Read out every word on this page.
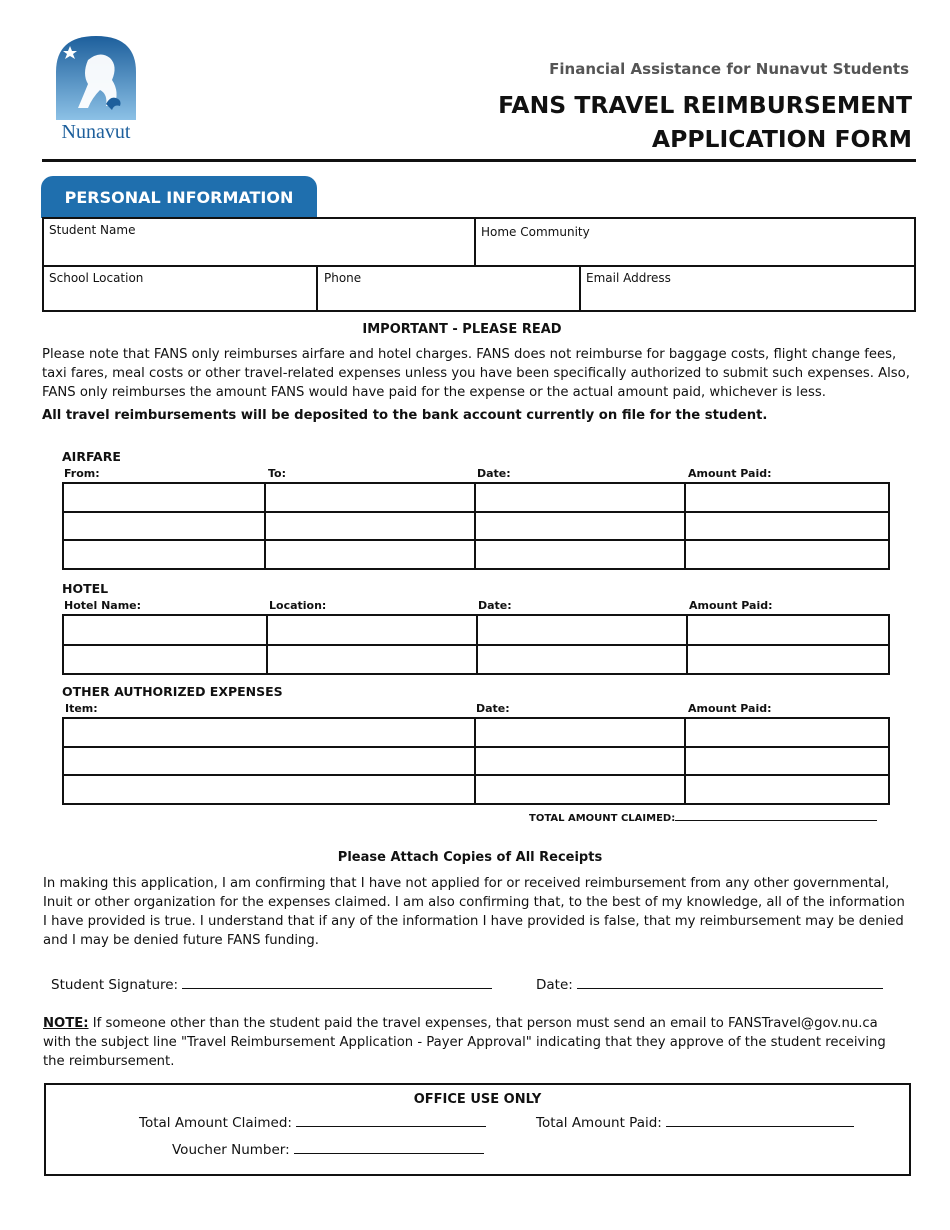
Nunavut
Financial Assistance for Nunavut Students
FANS TRAVEL REIMBURSEMENT
APPLICATION FORM
PERSONAL INFORMATION
Student Name	Home Community
School Location	Phone	Email Address
IMPORTANT - PLEASE READ
Please note that FANS only reimburses airfare and hotel charges. FANS does not reimburse for baggage costs, flight change fees, taxi fares, meal costs or other travel-related expenses unless you have been specifically authorized to submit such expenses. Also, FANS only reimburses the amount FANS would have paid for the expense or the actual amount paid, whichever is less.
All travel reimbursements will be deposited to the bank account currently on file for the student.
AIRFARE
From:	To:	Date:	Amount Paid:

HOTEL
Hotel Name:	Location:	Date:	Amount Paid:

OTHER AUTHORIZED EXPENSES
Item:	Date:	Amount Paid:

TOTAL AMOUNT CLAIMED:
Please Attach Copies of All Receipts
In making this application, I am confirming that I have not applied for or received reimbursement from any other governmental, Inuit or other organization for the expenses claimed. I am also confirming that, to the best of my knowledge, all of the information I have provided is true. I understand that if any of the information I have provided is false, that my reimbursement may be denied and I may be denied future FANS funding.
Student Signature:	Date:
NOTE: If someone other than the student paid the travel expenses, that person must send an email to FANSTravel@gov.nu.ca with the subject line "Travel Reimbursement Application - Payer Approval" indicating that they approve of the student receiving the reimbursement.
OFFICE USE ONLY
Total Amount Claimed:	Total Amount Paid:
Voucher Number:
